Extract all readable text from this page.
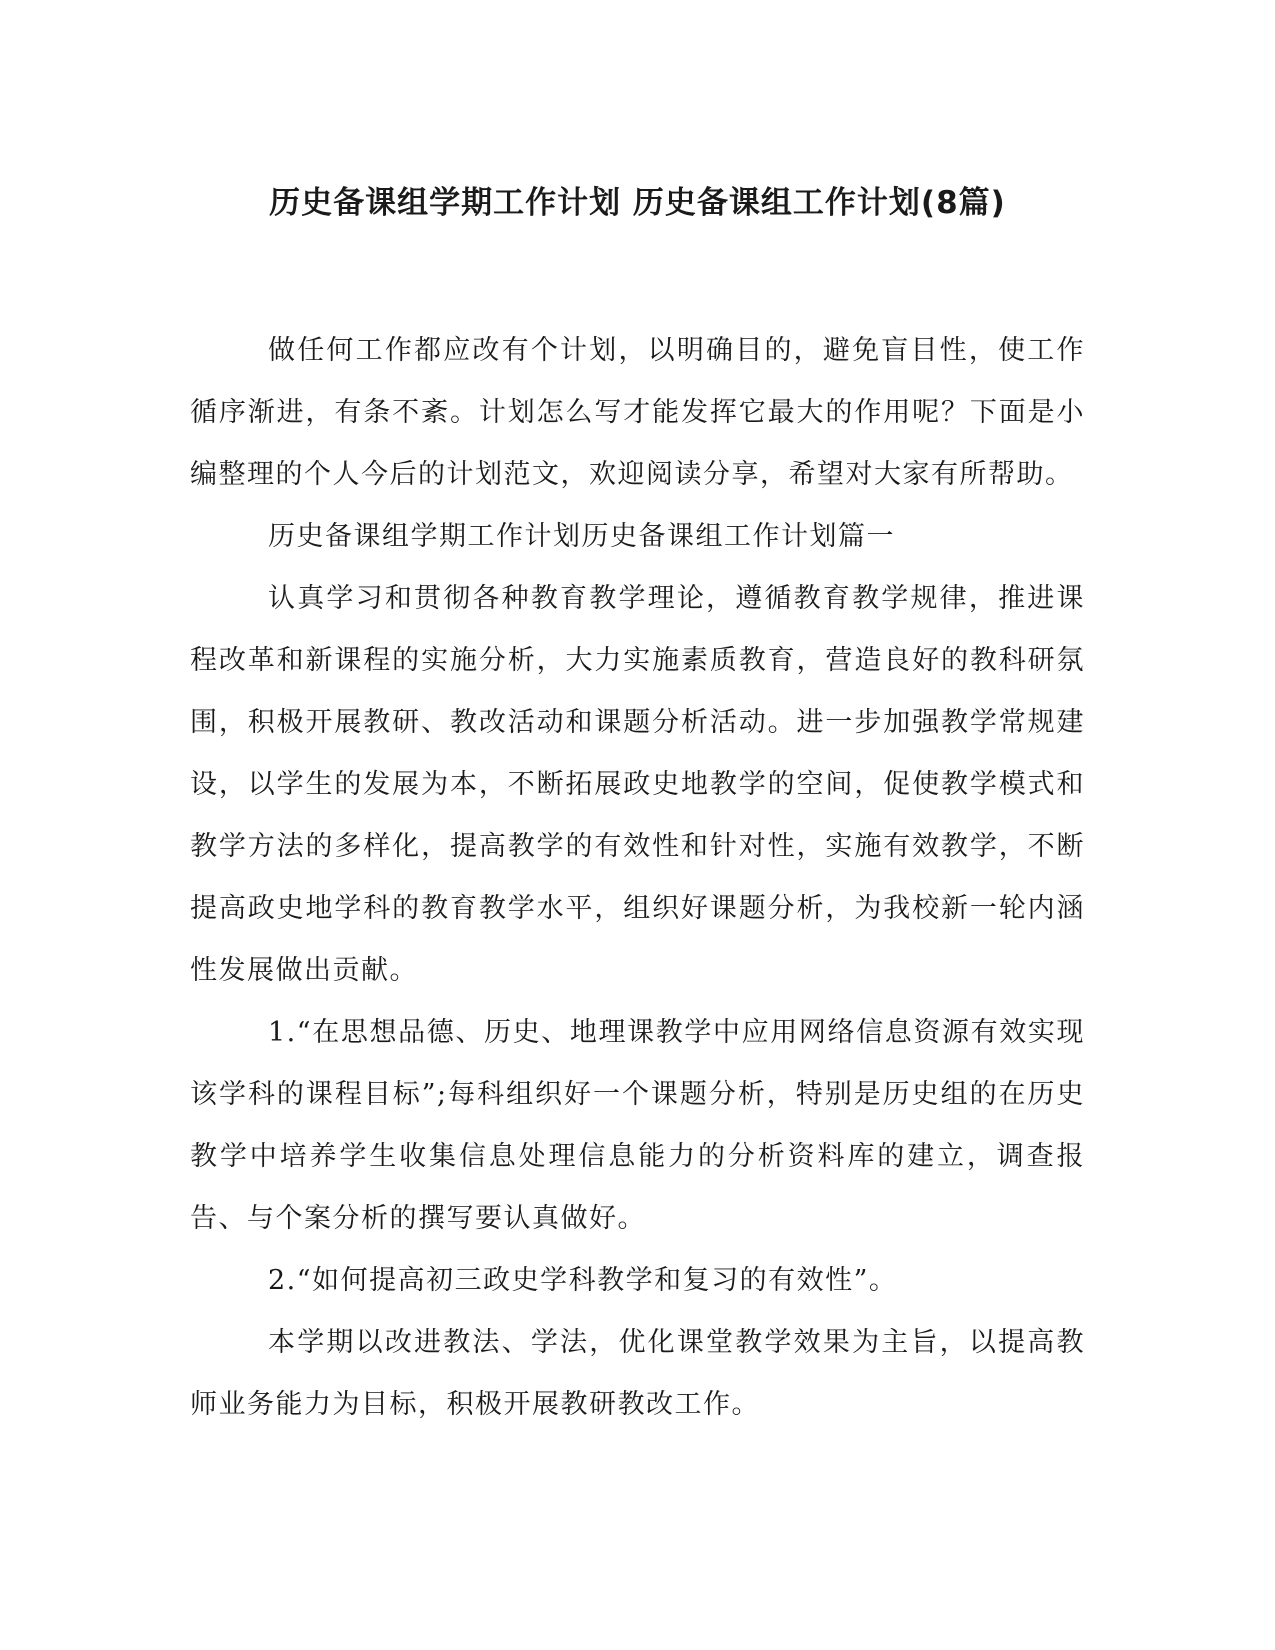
历史备课组学期工作计划 历史备课组工作计划(8篇)

做任何工作都应改有个计划，以明确目的，避免盲目性，使工作循序渐进，有条不紊。计划怎么写才能发挥它最大的作用呢？下面是小编整理的个人今后的计划范文，欢迎阅读分享，希望对大家有所帮助。

历史备课组学期工作计划历史备课组工作计划篇一

认真学习和贯彻各种教育教学理论，遵循教育教学规律，推进课程改革和新课程的实施分析，大力实施素质教育，营造良好的教科研氛围，积极开展教研、教改活动和课题分析活动。进一步加强教学常规建设，以学生的发展为本，不断拓展政史地教学的空间，促使教学模式和教学方法的多样化，提高教学的有效性和针对性，实施有效教学，不断提高政史地学科的教育教学水平，组织好课题分析，为我校新一轮内涵性发展做出贡献。

1.“在思想品德、历史、地理课教学中应用网络信息资源有效实现该学科的课程目标”;每科组织好一个课题分析，特别是历史组的在历史教学中培养学生收集信息处理信息能力的分析资料库的建立，调查报告、与个案分析的撰写要认真做好。

2.“如何提高初三政史学科教学和复习的有效性”。

本学期以改进教法、学法，优化课堂教学效果为主旨，以提高教师业务能力为目标，积极开展教研教改工作。
